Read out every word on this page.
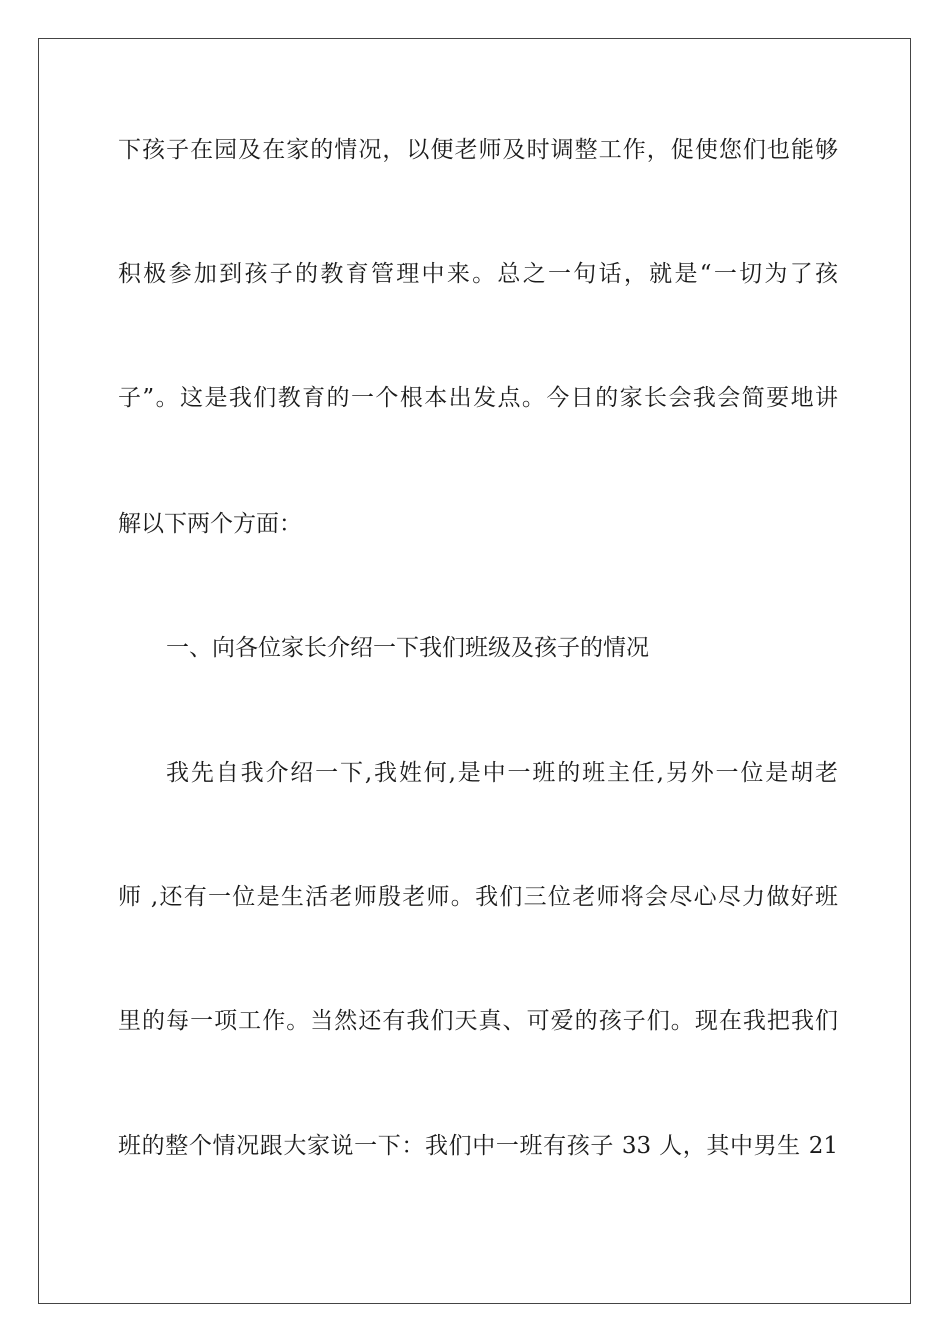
下孩子在园及在家的情况，以便老师及时调整工作，促使您们也能够
积极参加到孩子的教育管理中来。总之一句话，就是“一切为了孩
子”。这是我们教育的一个根本出发点。今日的家长会我会简要地讲
解以下两个方面：
一、向各位家长介绍一下我们班级及孩子的情况
我先自我介绍一下,我姓何,是中一班的班主任,另外一位是胡老
师 ,还有一位是生活老师殷老师。我们三位老师将会尽心尽力做好班
里的每一项工作。当然还有我们天真、可爱的孩子们。现在我把我们
班的整个情况跟大家说一下：我们中一班有孩子 33 人，其中男生 21
